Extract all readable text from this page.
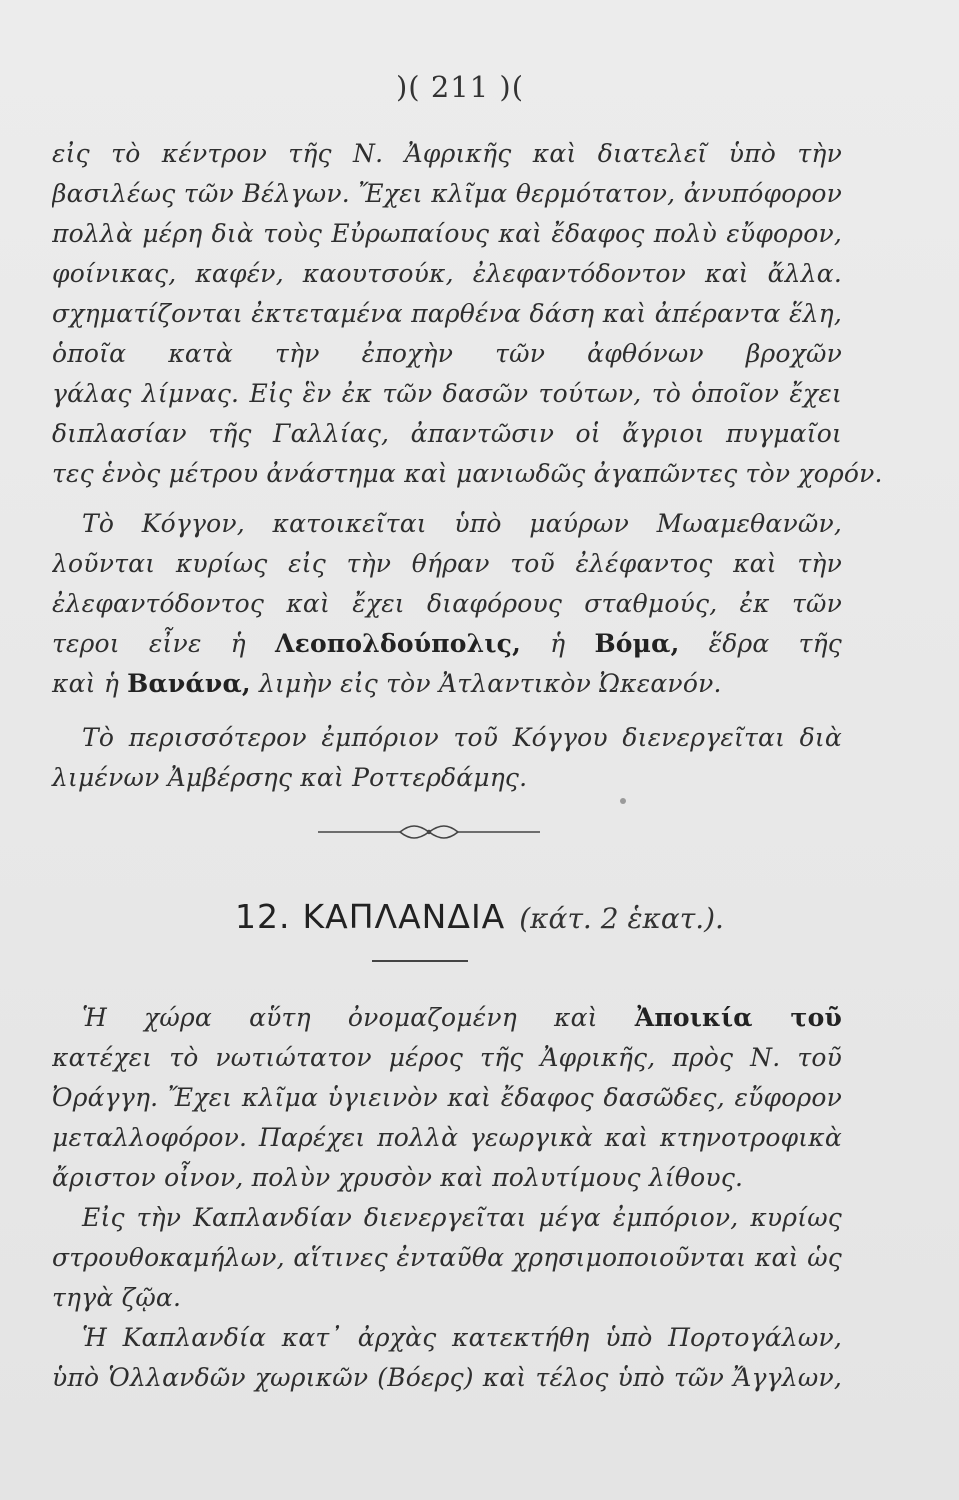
)( 211 )(
εἰς τὸ κέντρον τῆς Ν. Ἀφρικῆς καὶ διατελεῖ ὑπὸ τὴν
βασιλέως τῶν Βέλγων. Ἔχει κλῖμα θερμότατον, ἀνυπόφορον
πολλὰ μέρη διὰ τοὺς Εὐρωπαίους καὶ ἔδαφος πολὺ εὔφορον,
φοίνικας, καφέν, καουτσούκ, ἐλεφαντόδοντον καὶ ἄλλα.
σχηματίζονται ἐκτεταμένα παρθένα δάση καὶ ἀπέραντα ἕλη,
ὁποῖα κατὰ τὴν ἐποχὴν τῶν ἀφθόνων βροχῶν
γάλας λίμνας. Εἰς ἓν ἐκ τῶν δασῶν τούτων, τὸ ὁποῖον ἔχει
διπλασίαν τῆς Γαλλίας, ἀπαντῶσιν οἱ ἄγριοι πυγμαῖοι
τες ἑνὸς μέτρου ἀνάστημα καὶ μανιωδῶς ἀγαπῶντες τὸν χορόν.
Τὸ Κόγγον, κατοικεῖται ὑπὸ μαύρων Μωαμεθανῶν,
λοῦνται κυρίως εἰς τὴν θήραν τοῦ ἐλέφαντος καὶ τὴν
ἐλεφαντόδοντος καὶ ἔχει διαφόρους σταθμούς, ἐκ τῶν
τεροι εἶνε ἡ Λεοπολδούπολις, ἡ Βόμα, ἕδρα τῆς
καὶ ἡ Βανάνα, λιμὴν εἰς τὸν Ἀτλαντικὸν Ὠκεανόν.
Τὸ περισσότερον ἐμπόριον τοῦ Κόγγου διενεργεῖται διὰ
λιμένων Ἀμβέρσης καὶ Ροττερδάμης.
12. ΚΑΠΛΑΝΔΙΑ (κάτ. 2 ἑκατ.).
Ἡ χώρα αὕτη ὀνομαζομένη καὶ Ἀποικία τοῦ
κατέχει τὸ νωτιώτατον μέρος τῆς Ἀφρικῆς, πρὸς Ν. τοῦ
Ὀράγγη. Ἔχει κλῖμα ὑγιεινὸν καὶ ἔδαφος δασῶδες, εὔφορον
μεταλλοφόρον. Παρέχει πολλὰ γεωργικὰ καὶ κτηνοτροφικὰ
ἄριστον οἶνον, πολὺν χρυσὸν καὶ πολυτίμους λίθους.
Εἰς τὴν Καπλανδίαν διενεργεῖται μέγα ἐμπόριον, κυρίως
στρουθοκαμήλων, αἵτινες ἐνταῦθα χρησιμοποιοῦνται καὶ ὡς
τηγὰ ζῷα.
Ἡ Καπλανδία κατ᾽ ἀρχὰς κατεκτήθη ὑπὸ Πορτογάλων,
ὑπὸ Ὁλλανδῶν χωρικῶν (Βόερς) καὶ τέλος ὑπὸ τῶν Ἄγγλων,
